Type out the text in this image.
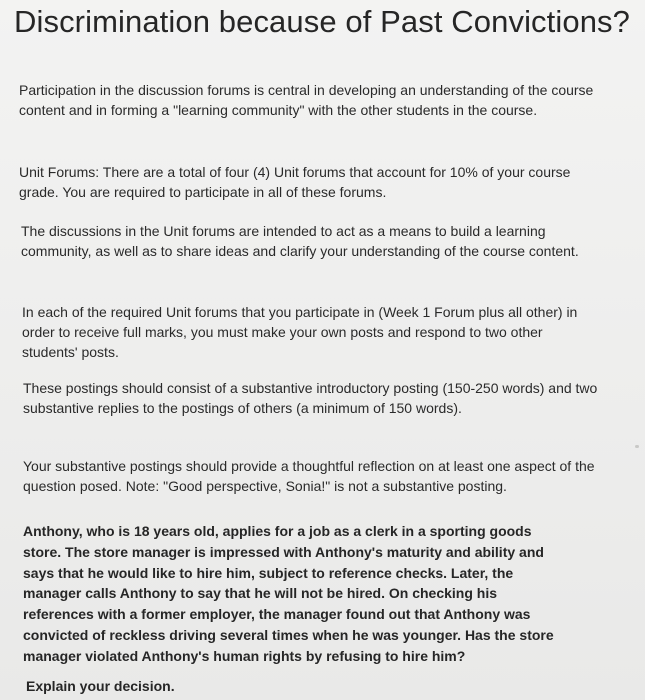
Discrimination because of Past Convictions?
Participation in the discussion forums is central in developing an understanding of the course content and in forming a "learning community" with the other students in the course.
Unit Forums: There are a total of four (4) Unit forums that account for 10% of your course grade. You are required to participate in all of these forums.
The discussions in the Unit forums are intended to act as a means to build a learning community, as well as to share ideas and clarify your understanding of the course content.
In each of the required Unit forums that you participate in (Week 1 Forum plus all other) in order to receive full marks, you must make your own posts and respond to two other students' posts.
These postings should consist of a substantive introductory posting (150-250 words) and two substantive replies to the postings of others (a minimum of 150 words).
Your substantive postings should provide a thoughtful reflection on at least one aspect of the question posed. Note: "Good perspective, Sonia!" is not a substantive posting.
Anthony, who is 18 years old, applies for a job as a clerk in a sporting goods store. The store manager is impressed with Anthony's maturity and ability and says that he would like to hire him, subject to reference checks. Later, the manager calls Anthony to say that he will not be hired. On checking his references with a former employer, the manager found out that Anthony was convicted of reckless driving several times when he was younger. Has the store manager violated Anthony's human rights by refusing to hire him?
Explain your decision.
